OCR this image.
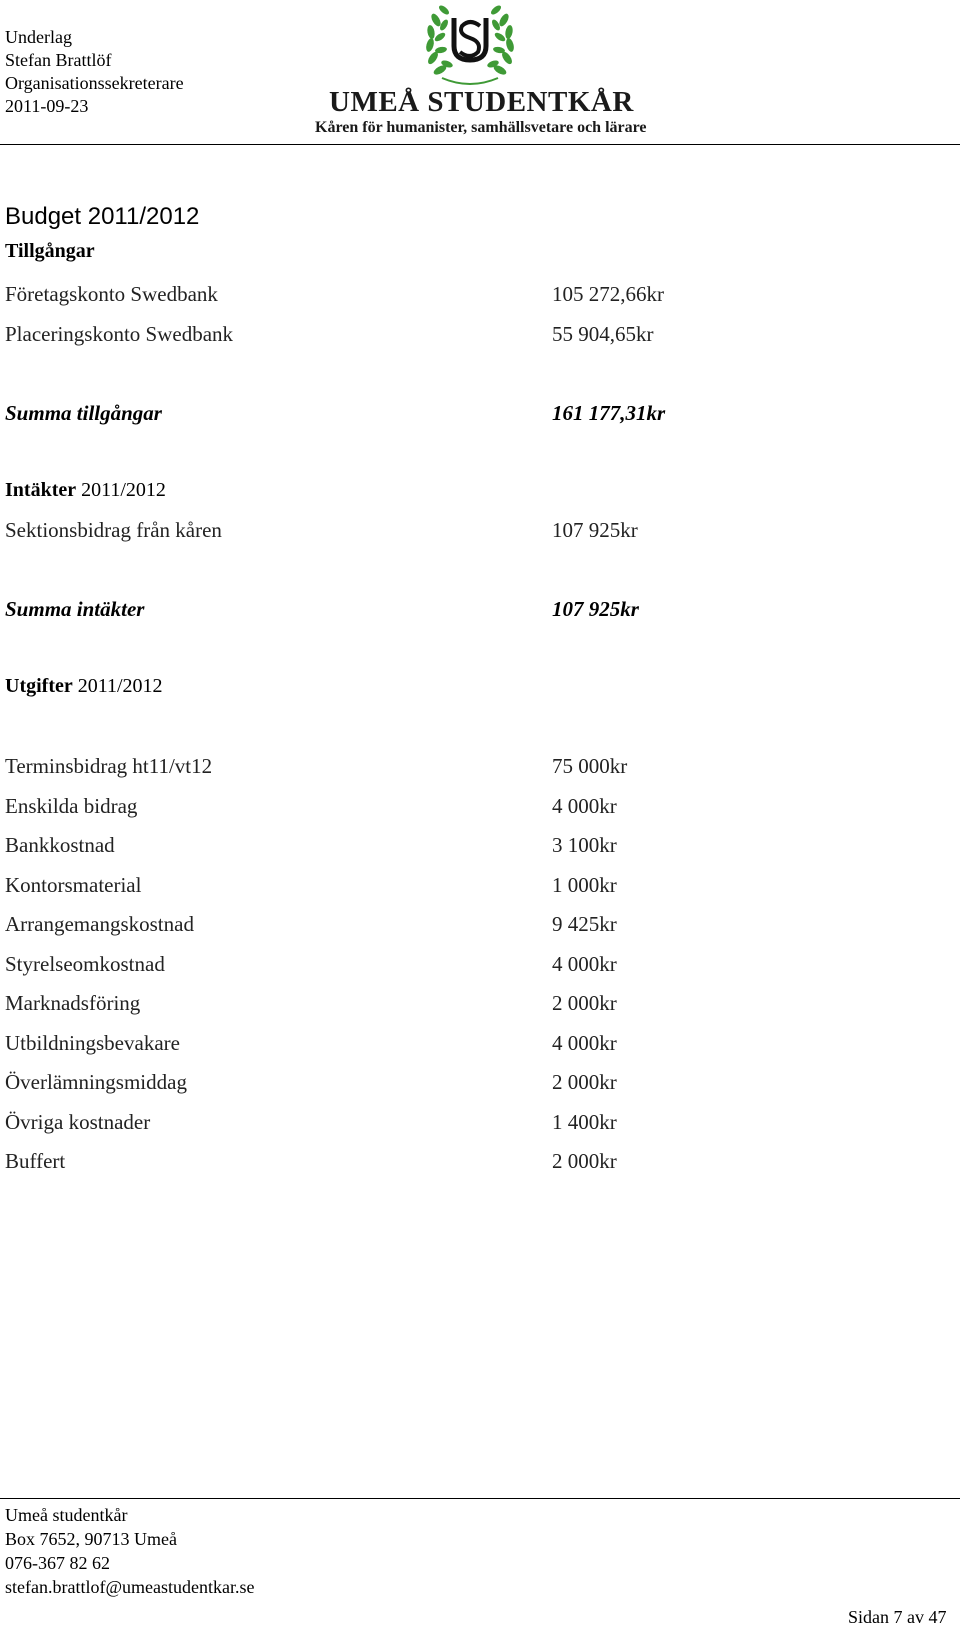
Underlag
Stefan Brattlöf
Organisationssekreterare
2011-09-23	UMEÅ STUDENTKÅR
Kåren för humanister, samhällsvetare och lärare
Budget 2011/2012
Tillgångar
Företagskonto Swedbank	105 272,66kr
Placeringskonto Swedbank	55 904,65kr
Summa tillgångar	161 177,31kr
Intäkter 2011/2012
Sektionsbidrag från kåren	107 925kr
Summa intäkter	107 925kr
Utgifter 2011/2012
Terminsbidrag ht11/vt12	75 000kr
Enskilda bidrag	4 000kr
Bankkostnad	3 100kr
Kontorsmaterial	1 000kr
Arrangemangskostnad	9 425kr
Styrelseomkostnad	4 000kr
Marknadsföring	2 000kr
Utbildningsbevakare	4 000kr
Överlämningsmiddag	2 000kr
Övriga kostnader	1 400kr
Buffert	2 000kr
Umeå studentkår
Box 7652, 90713 Umeå
076-367 82 62
stefan.brattlof@umeastudentkar.se
Sidan 7 av 47
